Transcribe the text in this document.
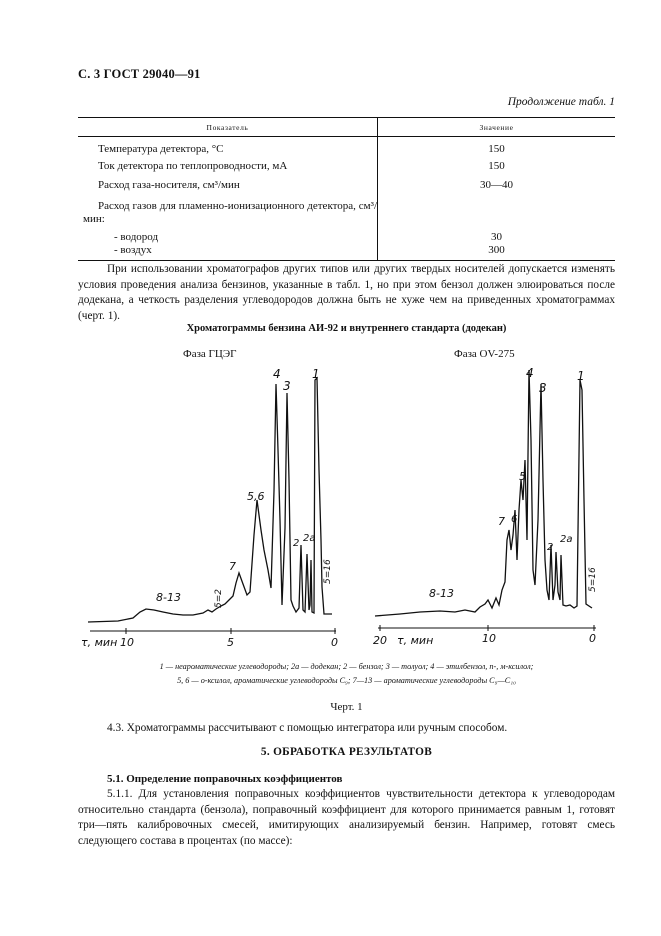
С. 3 ГОСТ 29040—91
Продолжение табл. 1
Показатель	Значение
Температура детектора, °С	150
Ток детектора по теплопроводности, мА	150
Расход газа-носителя, см³/мин	30—40
Расход газов для пламенно-ионизационного детектора, см³/мин:	
- водород	30
- воздух	300
При использовании хроматографов других типов или других твердых носителей допускается изменять условия проведения анализа бензинов, указанные в табл. 1, но при этом бензол должен элюироваться после додекана, а четкость разделения углеводородов должна быть не хуже чем на приведенных хроматограммах (черт. 1).
Хроматограммы бензина АИ-92 и внутреннего стандарта (додекан)
Фаза ГЦЭГ	Фаза OV-275
4
3
1
5,6
7
2 2a
8-13	5=2
5=16
τ, мин 10	5	0
4
3
1
5
7 6
2
2a
8-13
5=16
20 τ, мин	10	0
1 — неароматические углеводороды; 2а — додекан; 2 — бензол; 3 — толуол; 4 — этилбензол, п-, м-ксилол;
5, 6 — о-ксилол, ароматические углеводороды С₉; 7—13 — ароматические углеводороды С₉—С₁₀
Черт. 1
4.3. Хроматограммы рассчитывают с помощью интегратора или ручным способом.
5. ОБРАБОТКА РЕЗУЛЬТАТОВ
5.1. Определение поправочных коэффициентов
5.1.1. Для установления поправочных коэффициентов чувствительности детектора к углеводородам относительно стандарта (бензола), поправочный коэффициент для которого принимается равным 1, готовят три—пять калибровочных смесей, имитирующих анализируемый бензин. Например, готовят смесь следующего состава в процентах (по массе):
